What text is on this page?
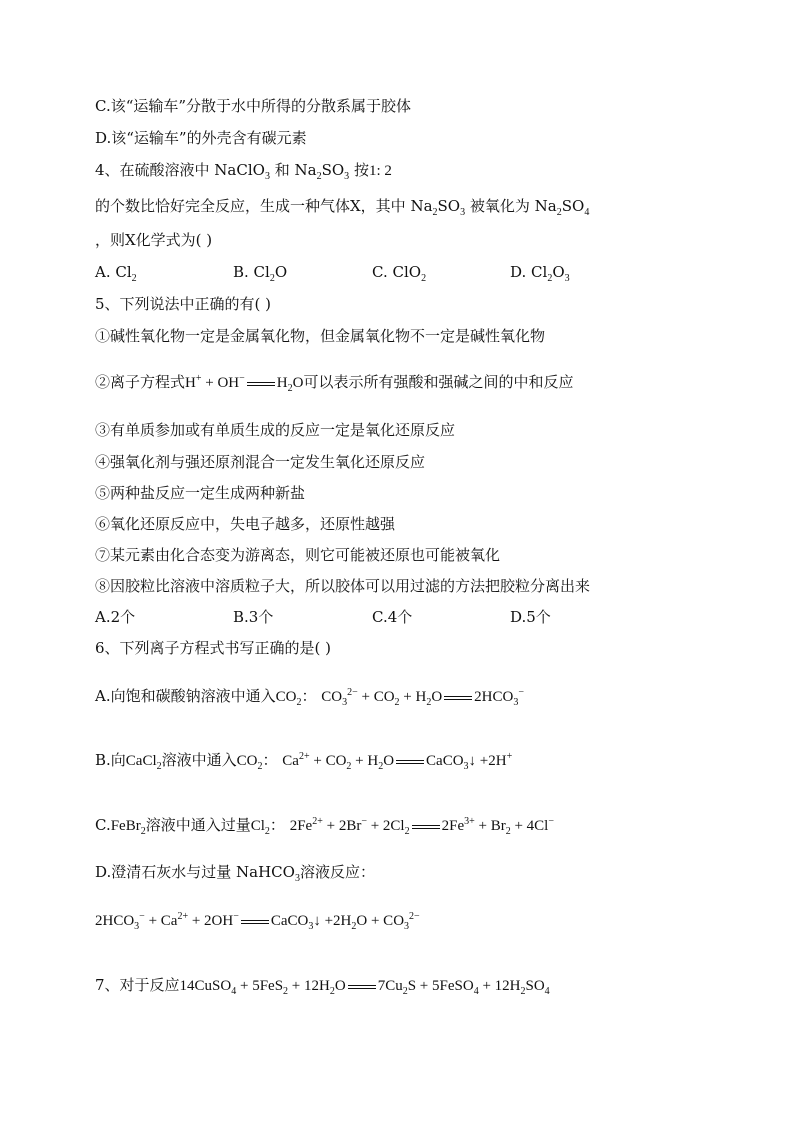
C.该“运输车”分散于水中所得的分散系属于胶体
D.该“运输车”的外壳含有碳元素
4、在硫酸溶液中 NaClO$_3$ 和 $Na_2SO_3$ 按1: 2
的个数比恰好完全反应，生成一种气体X，其中 $Na_2SO_3$ 被氧化为 $Na_2SO_4$
，则X化学式为( )
A. $Cl_2$	B. $Cl_2O$	C. ClO$_2$	D. $Cl_2O_3$
5、下列说法中正确的有( )
①碱性氧化物一定是金属氧化物，但金属氧化物不一定是碱性氧化物
②离子方程式H+ + OH− $H_2O$可以表示所有强酸和强碱之间的中和反应
③有单质参加或有单质生成的反应一定是氧化还原反应
④强氧化剂与强还原剂混合一定发生氧化还原反应
⑤两种盐反应一定生成两种新盐
⑥氧化还原反应中，失电子越多，还原性越强
⑦某元素由化合态变为游离态，则它可能被还原也可能被氧化
⑧因胶粒比溶液中溶质粒子大，所以胶体可以用过滤的方法把胶粒分离出来
A.2个	B.3个	C.4个	D.5个
6、下列离子方程式书写正确的是( )
A.向饱和碳酸钠溶液中通入$CO_2$： $CO_3^{2-} + CO_2 + H_2O$ $2HCO_3^-$
B.向CaCl$_2$溶液中通入$CO_2$： $Ca^{2+} + CO_2 + H_2O$ CaCO$_3$↓ +2H+
C.FeBr$_2$溶液中通入过量$Cl_2$： $2Fe^{2+} + 2Br^- + 2Cl_2$ $2Fe^{3+} + Br_2 + 4Cl^-$
D.澄清石灰水与过量 NaHCO$_3$溶液反应：
$2HCO_3^- + Ca^{2+} + 2OH^-$ CaCO$_3$↓ $+2H_2O + CO_3^{2-}$
7、对于反应14CuSO$_4$ + $5FeS_2 + 12H_2O$ $7Cu_2S$ + 5FeSO$_4$ + $12H_2SO_4$
